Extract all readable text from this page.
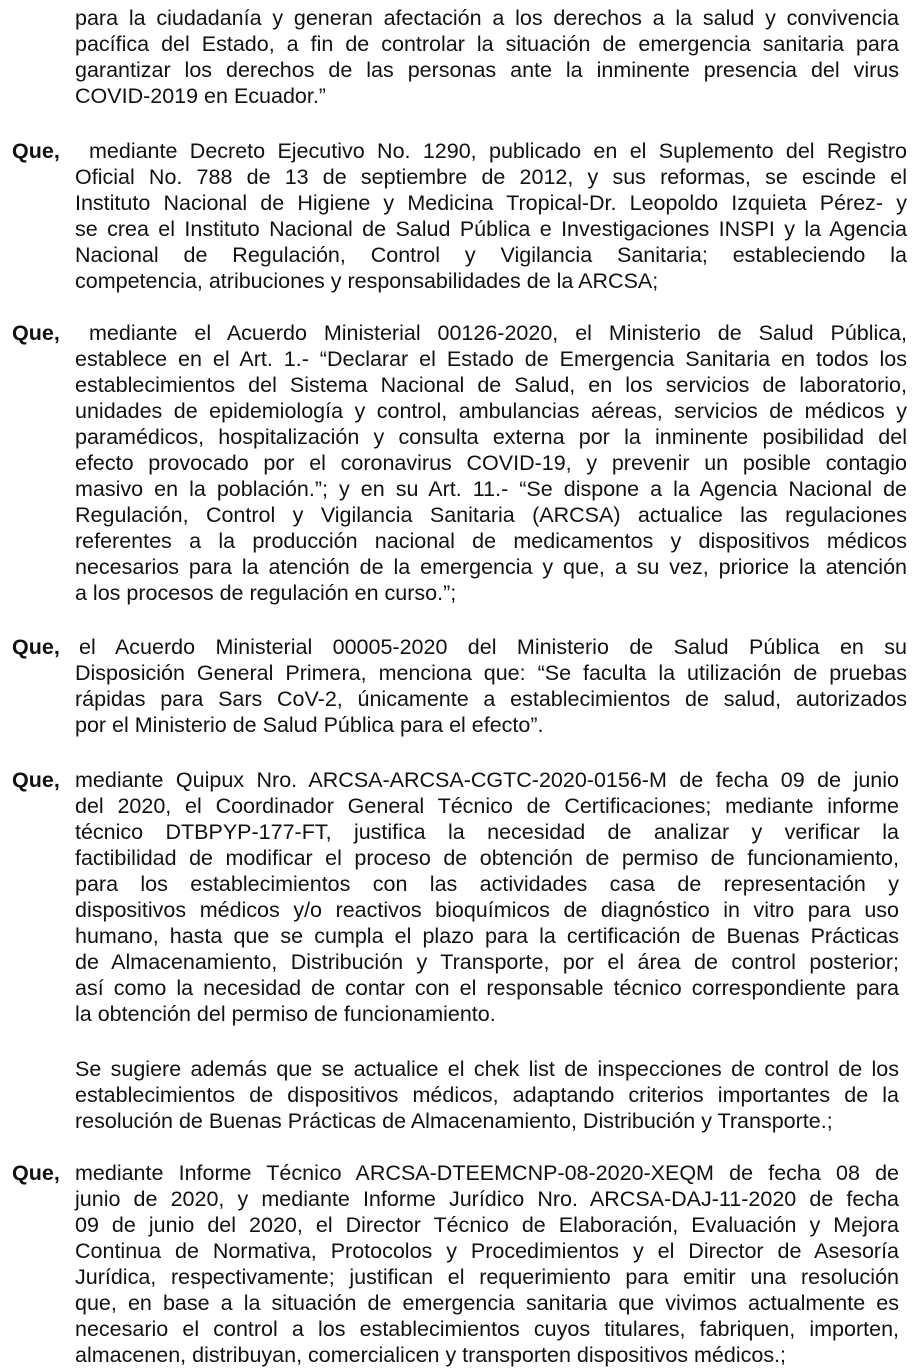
para la ciudadanía y generan afectación a los derechos a la salud y convivencia
pacífica del Estado, a fin de controlar la situación de emergencia sanitaria para
garantizar los derechos de las personas ante la inminente presencia del virus
COVID-2019 en Ecuador.”
Que, mediante Decreto Ejecutivo No. 1290, publicado en el Suplemento del Registro
Oficial No. 788 de 13 de septiembre de 2012, y sus reformas, se escinde el
Instituto Nacional de Higiene y Medicina Tropical-Dr. Leopoldo Izquieta Pérez- y
se crea el Instituto Nacional de Salud Pública e Investigaciones INSPI y la Agencia
Nacional de Regulación, Control y Vigilancia Sanitaria; estableciendo la
competencia, atribuciones y responsabilidades de la ARCSA;
Que, mediante el Acuerdo Ministerial 00126-2020, el Ministerio de Salud Pública,
establece en el Art. 1.- “Declarar el Estado de Emergencia Sanitaria en todos los
establecimientos del Sistema Nacional de Salud, en los servicios de laboratorio,
unidades de epidemiología y control, ambulancias aéreas, servicios de médicos y
paramédicos, hospitalización y consulta externa por la inminente posibilidad del
efecto provocado por el coronavirus COVID-19, y prevenir un posible contagio
masivo en la población.”; y en su Art. 11.- “Se dispone a la Agencia Nacional de
Regulación, Control y Vigilancia Sanitaria (ARCSA) actualice las regulaciones
referentes a la producción nacional de medicamentos y dispositivos médicos
necesarios para la atención de la emergencia y que, a su vez, priorice la atención
a los procesos de regulación en curso.”;
Que, el Acuerdo Ministerial 00005-2020 del Ministerio de Salud Pública en su
Disposición General Primera, menciona que: “Se faculta la utilización de pruebas
rápidas para Sars CoV-2, únicamente a establecimientos de salud, autorizados
por el Ministerio de Salud Pública para el efecto”.
Que, mediante Quipux Nro. ARCSA-ARCSA-CGTC-2020-0156-M de fecha 09 de junio
del 2020, el Coordinador General Técnico de Certificaciones; mediante informe
técnico DTBPYP-177-FT, justifica la necesidad de analizar y verificar la
factibilidad de modificar el proceso de obtención de permiso de funcionamiento,
para los establecimientos con las actividades casa de representación y
dispositivos médicos y/o reactivos bioquímicos de diagnóstico in vitro para uso
humano, hasta que se cumpla el plazo para la certificación de Buenas Prácticas
de Almacenamiento, Distribución y Transporte, por el área de control posterior;
así como la necesidad de contar con el responsable técnico correspondiente para
la obtención del permiso de funcionamiento.
Se sugiere además que se actualice el chek list de inspecciones de control de los
establecimientos de dispositivos médicos, adaptando criterios importantes de la
resolución de Buenas Prácticas de Almacenamiento, Distribución y Transporte.;
Que, mediante Informe Técnico ARCSA-DTEEMCNP-08-2020-XEQM de fecha 08 de
junio de 2020, y mediante Informe Jurídico Nro. ARCSA-DAJ-11-2020 de fecha
09 de junio del 2020, el Director Técnico de Elaboración, Evaluación y Mejora
Continua de Normativa, Protocolos y Procedimientos y el Director de Asesoría
Jurídica, respectivamente; justifican el requerimiento para emitir una resolución
que, en base a la situación de emergencia sanitaria que vivimos actualmente es
necesario el control a los establecimientos cuyos titulares, fabriquen, importen,
almacenen, distribuyan, comercialicen y transporten dispositivos médicos.;
